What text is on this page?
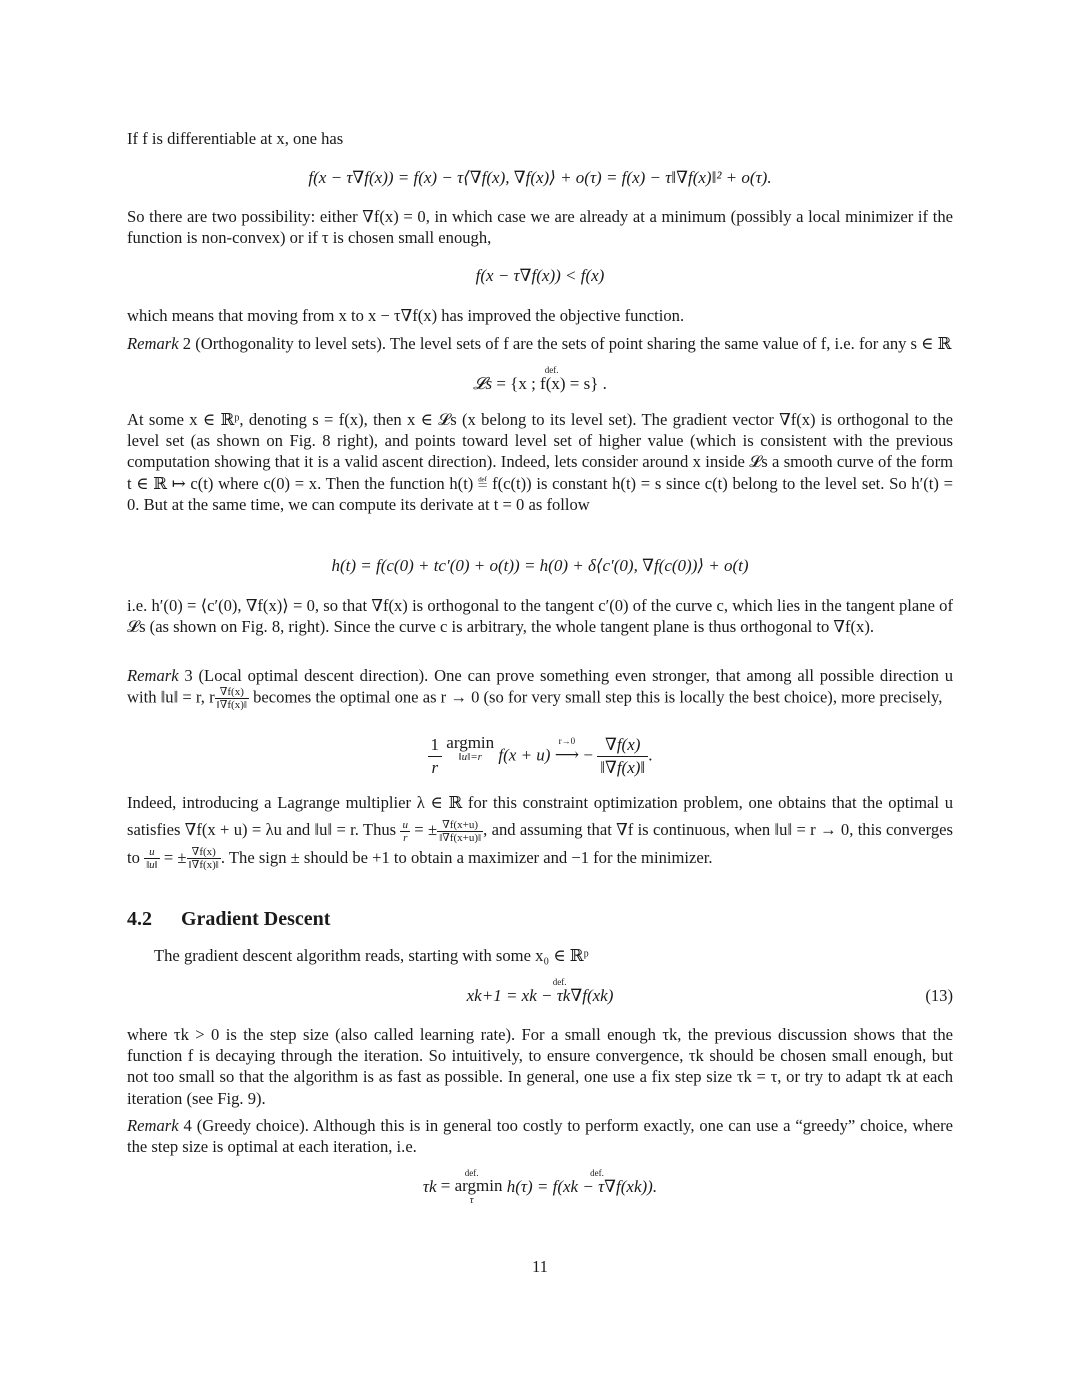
If f is differentiable at x, one has

f(x − τ∇f(x)) = f(x) − τ⟨∇f(x), ∇f(x)⟩ + o(τ) = f(x) − τ‖∇f(x)‖² + o(τ).

So there are two possibility: either ∇f(x) = 0, in which case we are already at a minimum (possibly a local minimizer if the function is non-convex) or if τ is chosen small enough,

f(x − τ∇f(x)) < f(x)

which means that moving from x to x − τ∇f(x) has improved the objective function.

Remark 2 (Orthogonality to level sets). The level sets of f are the sets of point sharing the same value of f, i.e. for any s ∈ ℝ

𝓛s
def.
= {x ; f(x) = s} .

At some x ∈ ℝᵖ, denoting s = f(x), then x ∈ 𝓛s (x belong to its level set). The gradient vector ∇f(x) is orthogonal to the level set (as shown on Fig. 8 right), and points toward level set of higher value (which is consistent with the previous computation showing that it is a valid ascent direction). Indeed, lets consider around x inside 𝓛s a smooth curve of the form t ∈ ℝ ↦ c(t) where c(0) = x. Then the function h(t) ≝ f(c(t)) is constant h(t) = s since c(t) belong to the level set. So h′(t) = 0. But at the same time, we can compute its derivate at t = 0 as follow

h(t) = f(c(0) + tc′(0) + o(t)) = h(0) + δ⟨c′(0), ∇f(c(0))⟩ + o(t)

i.e. h′(0) = ⟨c′(0), ∇f(x)⟩ = 0, so that ∇f(x) is orthogonal to the tangent c′(0) of the curve c, which lies in the tangent plane of 𝓛s (as shown on Fig. 8, right). Since the curve c is arbitrary, the whole tangent plane is thus orthogonal to ∇f(x).

Remark 3 (Local optimal descent direction). One can prove something even stronger, that among all possible direction u with ‖u‖ = r, r $\frac{\nabla f(x)}{‖\nabla f(x)‖}$ becomes the optimal one as r → 0 (so for very small step this is locally the best choice), more precisely,

$\frac{1}{r}$ argmin
‖u‖=r f(x + u)
r→0
⟶ − $\frac{\nabla f(x)}{‖\nabla f(x)‖}$ .

Indeed, introducing a Lagrange multiplier λ ∈ ℝ for this constraint optimization problem, one obtains that the optimal u satisfies ∇f(x + u) = λu and ‖u‖ = r. Thus $\frac{u}{r}$ = ± $\frac{\nabla f(x+u)}{‖\nabla f(x+u)‖}$ , and assuming that ∇f is continuous, when ‖u‖ = r → 0, this converges to $\frac{u}{‖u‖}$ = ± $\frac{\nabla f(x)}{‖\nabla f(x)‖}$ . The sign ± should be +1 to obtain a maximizer and −1 for the minimizer.

4.2 Gradient Descent

The gradient descent algorithm reads, starting with some x₀ ∈ ℝᵖ

xk+1
def.
= xk − τk∇f(xk)	(13)

where τk > 0 is the step size (also called learning rate). For a small enough τk, the previous discussion shows that the function f is decaying through the iteration. So intuitively, to ensure convergence, τk should be chosen small enough, but not too small so that the algorithm is as fast as possible. In general, one use a fix step size τk = τ, or try to adapt τk at each iteration (see Fig. 9).

Remark 4 (Greedy choice). Although this is in general too costly to perform exactly, one can use a “greedy” choice, where the step size is optimal at each iteration, i.e.

τk
def.
= argmin
τ
h(τ)
def.
= f(xk − τ∇f(xk)).
11
